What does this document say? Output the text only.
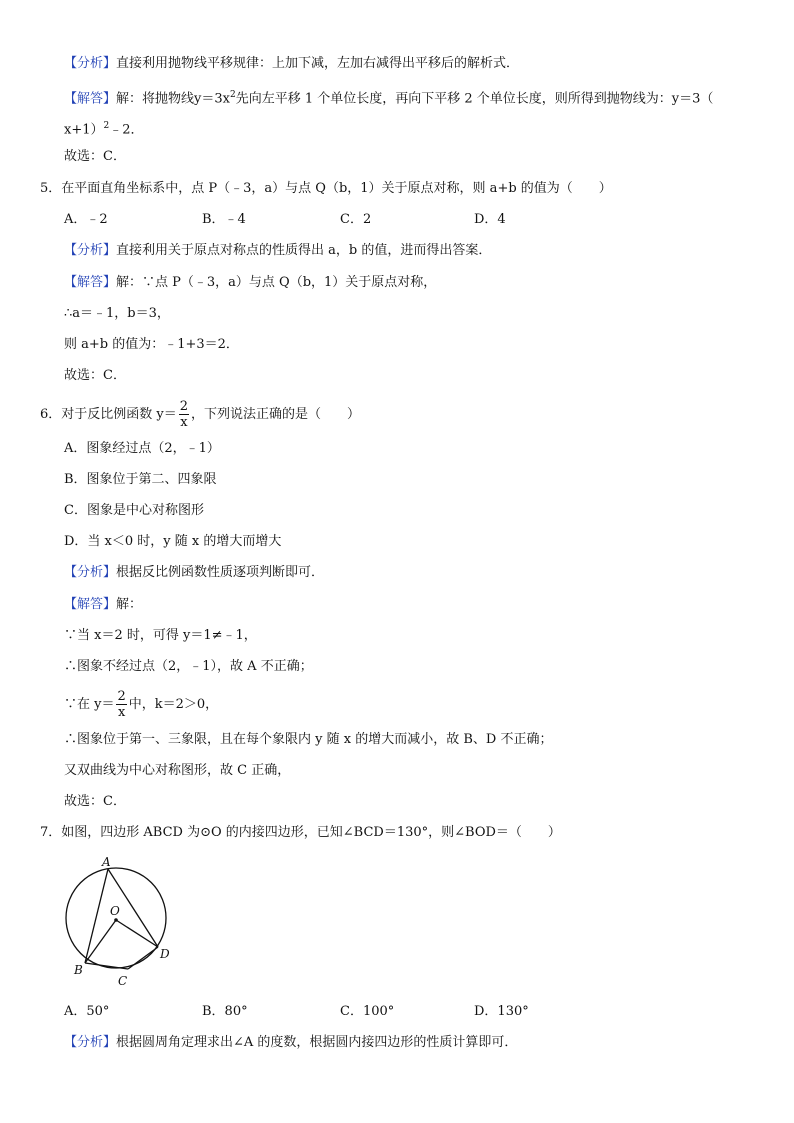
【分析】直接利用抛物线平移规律：上加下减，左加右减得出平移后的解析式．
【解答】解：将抛物线$y=3x^2$先向左平移 1 个单位长度，再向下平移 2 个单位长度，则所得到抛物线为：y＝3（
x+1）$^2$﹣2．
故选：C．
5．在平面直角坐标系中，点 P（﹣3，a）与点 Q（b，1）关于原点对称，则 a+b 的值为（　　）
A．﹣2	B．﹣4	C．2	D．4
【分析】直接利用关于原点对称点的性质得出 a，b 的值，进而得出答案．
【解答】解：∵点 P（﹣3，a）与点 Q（b，1）关于原点对称，
∴a＝﹣1，b＝3，
则 a+b 的值为：﹣1+3＝2．
故选：C．
6．对于反比例函数 $y= \frac{2}{x}$ ，下列说法正确的是（　　）
A．图象经过点（2，﹣1）
B．图象位于第二、四象限
C．图象是中心对称图形
D．当 x＜0 时，y 随 x 的增大而增大
【分析】根据反比例函数性质逐项判断即可．
【解答】解：
∵当 x＝2 时，可得 y＝1≠﹣1，
∴图象不经过点（2，﹣1），故 A 不正确；
∵在 $y= \frac{2}{x}$ 中，k＝2＞0，
∴图象位于第一、三象限，且在每个象限内 y 随 x 的增大而减小，故 B、D 不正确；
又双曲线为中心对称图形，故 C 正确，
故选：C．
7．如图，四边形 ABCD 为⊙O 的内接四边形，已知∠BCD＝130°，则∠BOD＝（　　）
A
O
B
C
D
A．50°	B．80°	C．100°	D．130°
【分析】根据圆周角定理求出∠A 的度数，根据圆内接四边形的性质计算即可．
